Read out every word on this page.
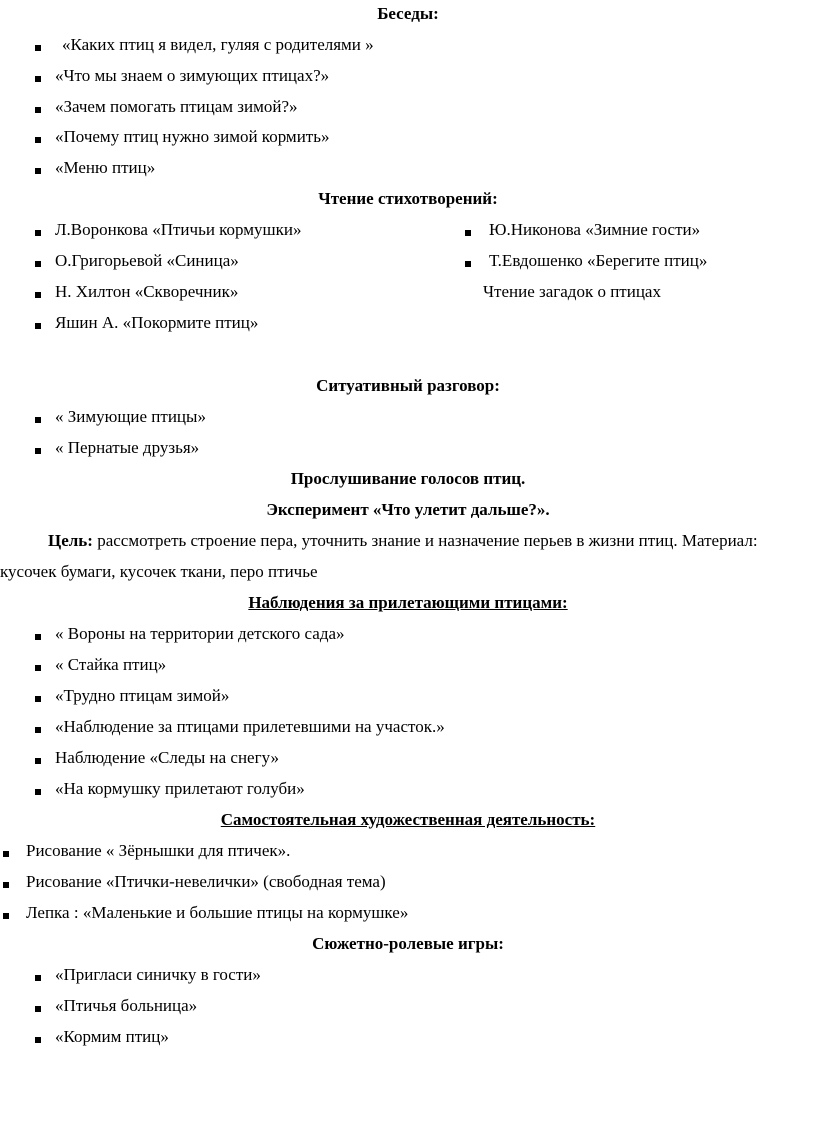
Беседы:
«Каких птиц я видел, гуляя с родителями »
«Что мы знаем о зимующих птицах?»
«Зачем помогать птицам зимой?»
«Почему птиц нужно зимой кормить»
«Меню птиц»
Чтение стихотворений:
Л.Воронкова «Птичьи кормушки»
О.Григорьевой «Синица»
Н. Хилтон «Скворечник»
Яшин А. «Покормите птиц»
Ю.Никонова «Зимние гости»
Т.Евдошенко «Берегите птиц»
Чтение загадок о птицах
Ситуативный разговор:
« Зимующие птицы»
« Пернатые друзья»
Прослушивание голосов птиц.
Эксперимент «Что улетит дальше?».
Цель: рассмотреть строение пера, уточнить знание и назначение перьев в жизни птиц. Материал:
кусочек бумаги, кусочек ткани, перо птичье
Наблюдения за прилетающими птицами:
« Вороны на территории детского сада»
« Стайка птиц»
«Трудно птицам зимой»
«Наблюдение за птицами прилетевшими на участок.»
Наблюдение «Следы на снегу»
«На кормушку прилетают голуби»
Самостоятельная художественная деятельность:
Рисование « Зёрнышки для птичек».
Рисование «Птички-невелички» (свободная тема)
Лепка : «Маленькие и большие птицы на кормушке»
Сюжетно-ролевые игры:
«Пригласи синичку в гости»
«Птичья больница»
«Кормим птиц»
